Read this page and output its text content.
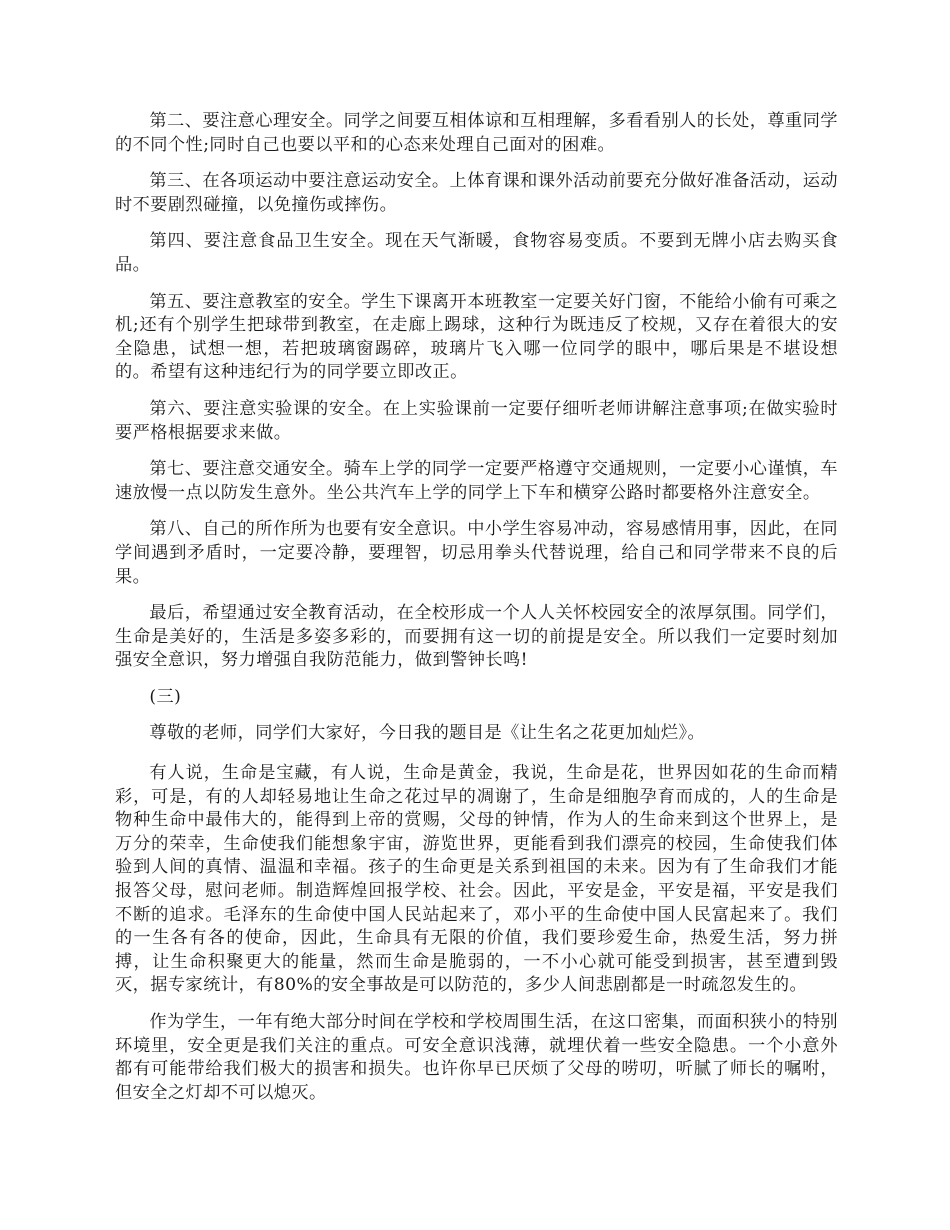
第二、要注意心理安全。同学之间要互相体谅和互相理解，多看看别人的长处，尊重同学的不同个性;同时自己也要以平和的心态来处理自己面对的困难。

第三、在各项运动中要注意运动安全。上体育课和课外活动前要充分做好准备活动，运动时不要剧烈碰撞，以免撞伤或摔伤。

第四、要注意食品卫生安全。现在天气渐暖，食物容易变质。不要到无牌小店去购买食品。

第五、要注意教室的安全。学生下课离开本班教室一定要关好门窗，不能给小偷有可乘之机;还有个别学生把球带到教室，在走廊上踢球，这种行为既违反了校规，又存在着很大的安全隐患，试想一想，若把玻璃窗踢碎，玻璃片飞入哪一位同学的眼中，哪后果是不堪设想的。希望有这种违纪行为的同学要立即改正。

第六、要注意实验课的安全。在上实验课前一定要仔细听老师讲解注意事项;在做实验时要严格根据要求来做。

第七、要注意交通安全。骑车上学的同学一定要严格遵守交通规则，一定要小心谨慎，车速放慢一点以防发生意外。坐公共汽车上学的同学上下车和横穿公路时都要格外注意安全。

第八、自己的所作所为也要有安全意识。中小学生容易冲动，容易感情用事，因此，在同学间遇到矛盾时，一定要冷静，要理智，切忌用拳头代替说理，给自己和同学带来不良的后果。

最后，希望通过安全教育活动，在全校形成一个人人关怀校园安全的浓厚氛围。同学们，生命是美好的，生活是多姿多彩的，而要拥有这一切的前提是安全。所以我们一定要时刻加强安全意识，努力增强自我防范能力，做到警钟长鸣!

(三)

尊敬的老师，同学们大家好，今日我的题目是《让生名之花更加灿烂》。

有人说，生命是宝藏，有人说，生命是黄金，我说，生命是花，世界因如花的生命而精彩，可是，有的人却轻易地让生命之花过早的凋谢了，生命是细胞孕育而成的，人的生命是物种生命中最伟大的，能得到上帝的赏赐，父母的钟情，作为人的生命来到这个世界上，是万分的荣幸，生命使我们能想象宇宙，游览世界，更能看到我们漂亮的校园，生命使我们体验到人间的真情、温温和幸福。孩子的生命更是关系到祖国的未来。因为有了生命我们才能报答父母，慰问老师。制造辉煌回报学校、社会。因此，平安是金，平安是福，平安是我们不断的追求。毛泽东的生命使中国人民站起来了，邓小平的生命使中国人民富起来了。我们的一生各有各的使命，因此，生命具有无限的价值，我们要珍爱生命，热爱生活，努力拼搏，让生命积聚更大的能量，然而生命是脆弱的，一不小心就可能受到损害，甚至遭到毁灭，据专家统计，有80%的安全事故是可以防范的，多少人间悲剧都是一时疏忽发生的。

作为学生，一年有绝大部分时间在学校和学校周围生活，在这口密集，而面积狭小的特别环境里，安全更是我们关注的重点。可安全意识浅薄，就埋伏着一些安全隐患。一个小意外都有可能带给我们极大的损害和损失。也许你早已厌烦了父母的唠叨，听腻了师长的嘱咐，但安全之灯却不可以熄灭。
